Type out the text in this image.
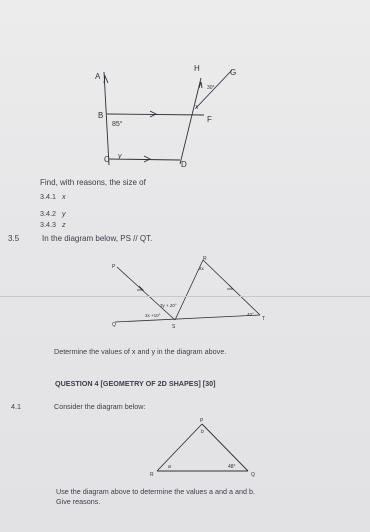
A
B
C
D
F
H	G
x
y
85°
30°
Find, with reasons, the size of
3.4.1 x
3.4.2 y
3.4.3 z
3.5	In the diagram below, PS // QT.
P
R
Q	S
T
2x
40°
3y + 20°
3x +10°
Determine the values of x and y in the diagram above.
QUESTION 4 [GEOMETRY OF 2D SHAPES] [30]
4.1	Consider the diagram below:
P
R	Q
48°
b
a
Use the diagram above to determine the values a and a and b.
Give reasons.
